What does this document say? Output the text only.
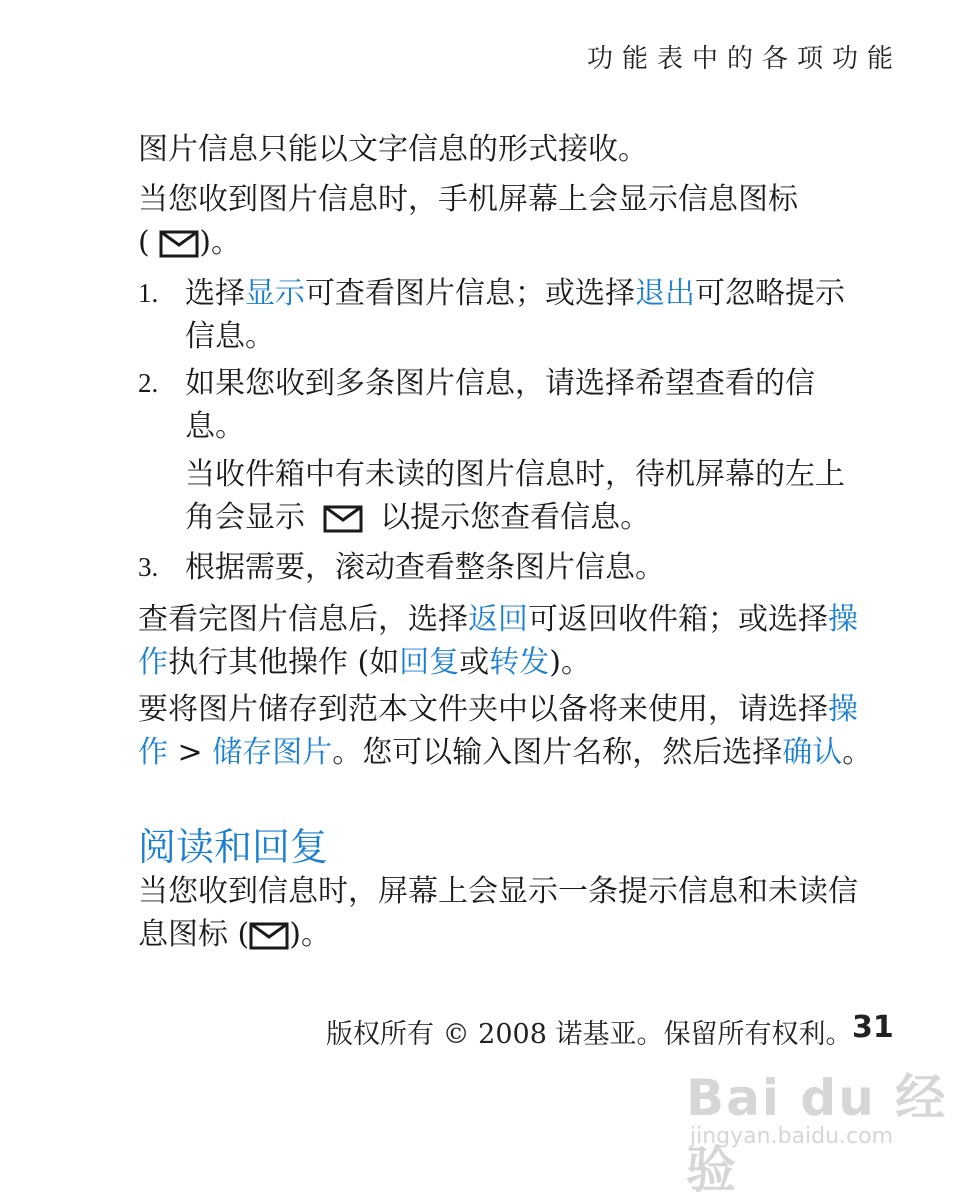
功能表中的各项功能

图片信息只能以文字信息的形式接收。

当您收到图片信息时，手机屏幕上会显示信息图标
( )。

1. 选择显示可查看图片信息；或选择退出可忽略提示
信息。
2. 如果您收到多条图片信息，请选择希望查看的信
息。
当收件箱中有未读的图片信息时，待机屏幕的左上
角会显示	以提示您查看信息。
3. 根据需要，滚动查看整条图片信息。

查看完图片信息后，选择返回可返回收件箱；或选择操
作执行其他操作 (如回复或转发)。

要将图片储存到范本文件夹中以备将来使用，请选择操
作 > 储存图片。您可以输入图片名称，然后选择确认。

阅读和回复

当您收到信息时，屏幕上会显示一条提示信息和未读信
息图标 ( )。

版权所有 © 2008 诺基亚。保留所有权利。 31
Bai du 经验
jingyan.baidu.com
